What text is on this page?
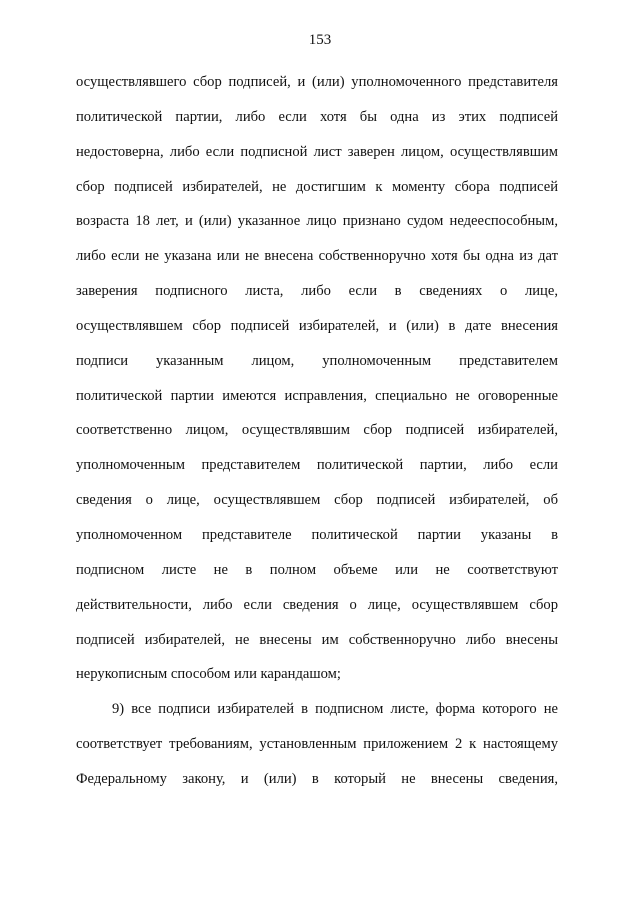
153
осуществлявшего сбор подписей, и (или) уполномоченного представителя
политической партии, либо если хотя бы одна из этих подписей
недостоверна, либо если подписной лист заверен лицом, осуществлявшим
сбор подписей избирателей, не достигшим к моменту сбора подписей
возраста 18 лет, и (или) указанное лицо признано судом недееспособным,
либо если не указана или не внесена собственноручно хотя бы одна из дат
заверения подписного листа, либо если в сведениях о лице,
осуществлявшем сбор подписей избирателей, и (или) в дате внесения
подписи указанным лицом, уполномоченным представителем
политической партии имеются исправления, специально не оговоренные
соответственно лицом, осуществлявшим сбор подписей избирателей,
уполномоченным представителем политической партии, либо если
сведения о лице, осуществлявшем сбор подписей избирателей, об
уполномоченном представителе политической партии указаны в
подписном листе не в полном объеме или не соответствуют
действительности, либо если сведения о лице, осуществлявшем сбор
подписей избирателей, не внесены им собственноручно либо внесены
нерукописным способом или карандашом;
9) все подписи избирателей в подписном листе, форма которого не
соответствует требованиям, установленным приложением 2 к настоящему
Федеральному закону, и (или) в который не внесены сведения,
